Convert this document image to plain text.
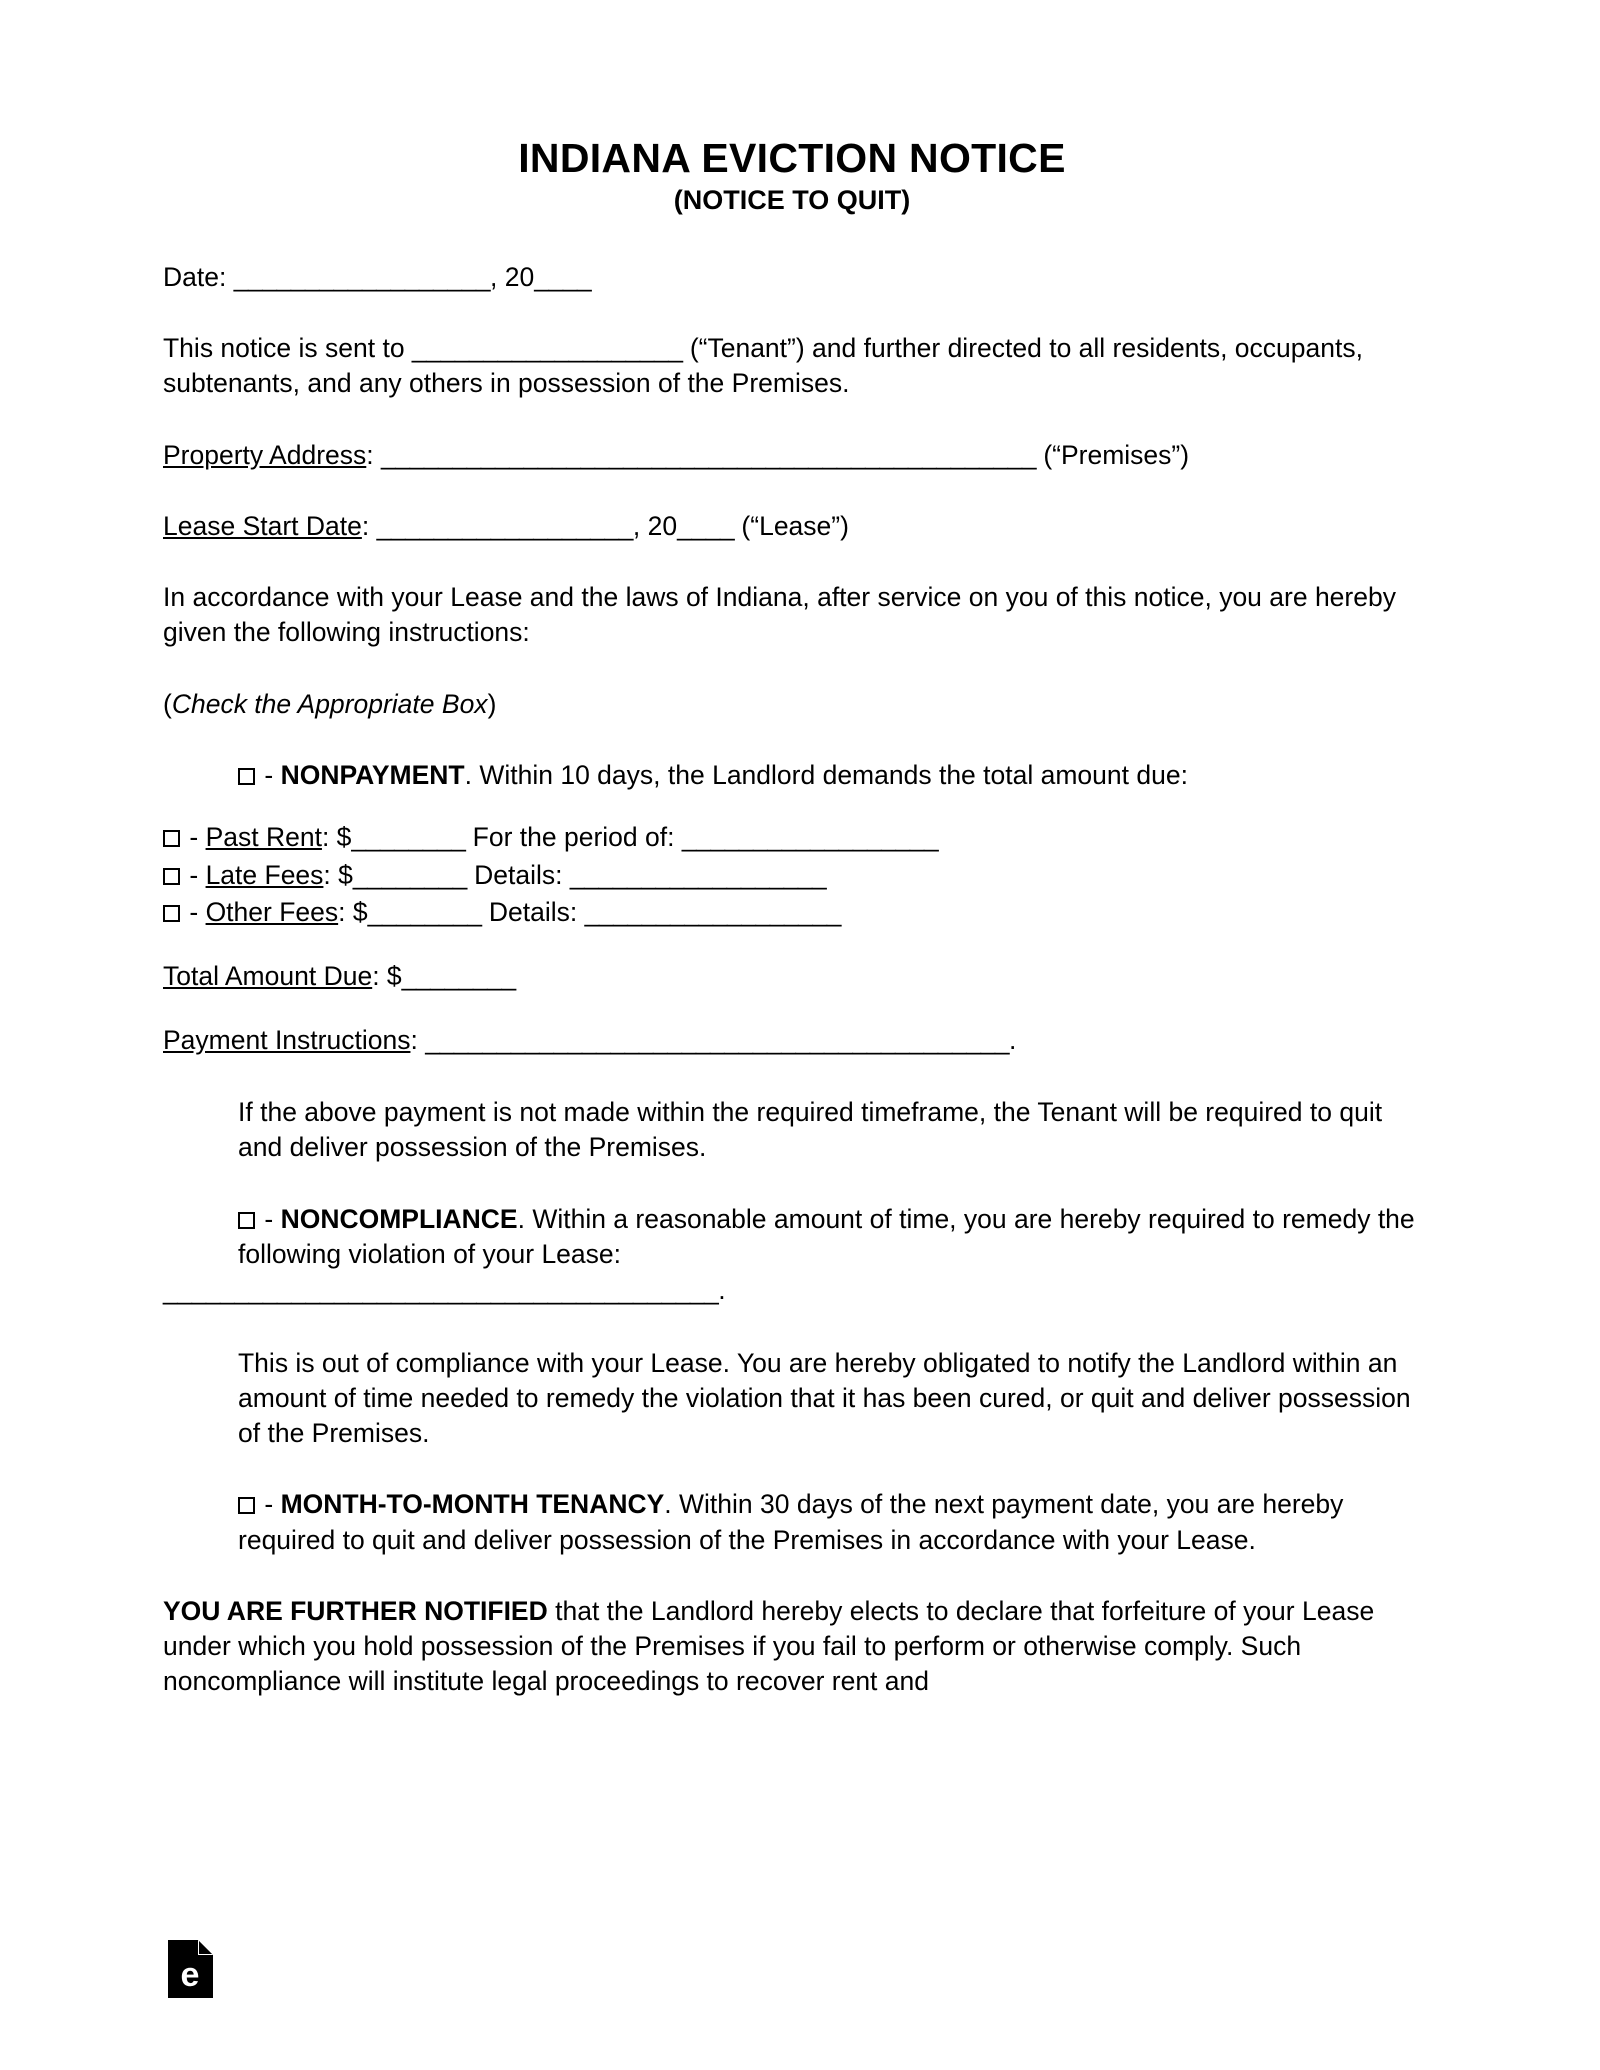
INDIANA EVICTION NOTICE
(NOTICE TO QUIT)

Date: __________________, 20____

This notice is sent to ___________________ (“Tenant”) and further directed to all residents, occupants, subtenants, and any others in possession of the Premises.

Property Address: ______________________________________________ (“Premises”)

Lease Start Date: __________________, 20____ (“Lease”)

In accordance with your Lease and the laws of Indiana, after service on you of this notice, you are hereby given the following instructions:

(Check the Appropriate Box)

- NONPAYMENT. Within 10 days, the Landlord demands the total amount due:

- Past Rent: $________ For the period of: __________________

- Late Fees: $________ Details: __________________

- Other Fees: $________ Details: __________________

Total Amount Due: $________

Payment Instructions: _________________________________________.

If the above payment is not made within the required timeframe, the Tenant will be required to quit and deliver possession of the Premises.

- NONCOMPLIANCE. Within a reasonable amount of time, you are hereby required to remedy the following violation of your Lease:

_______________________________________.

This is out of compliance with your Lease. You are hereby obligated to notify the Landlord within an amount of time needed to remedy the violation that it has been cured, or quit and deliver possession of the Premises.

- MONTH-TO-MONTH TENANCY. Within 30 days of the next payment date, you are hereby required to quit and deliver possession of the Premises in accordance with your Lease.

YOU ARE FURTHER NOTIFIED that the Landlord hereby elects to declare that forfeiture of your Lease under which you hold possession of the Premises if you fail to perform or otherwise comply. Such noncompliance will institute legal proceedings to recover rent and

e
